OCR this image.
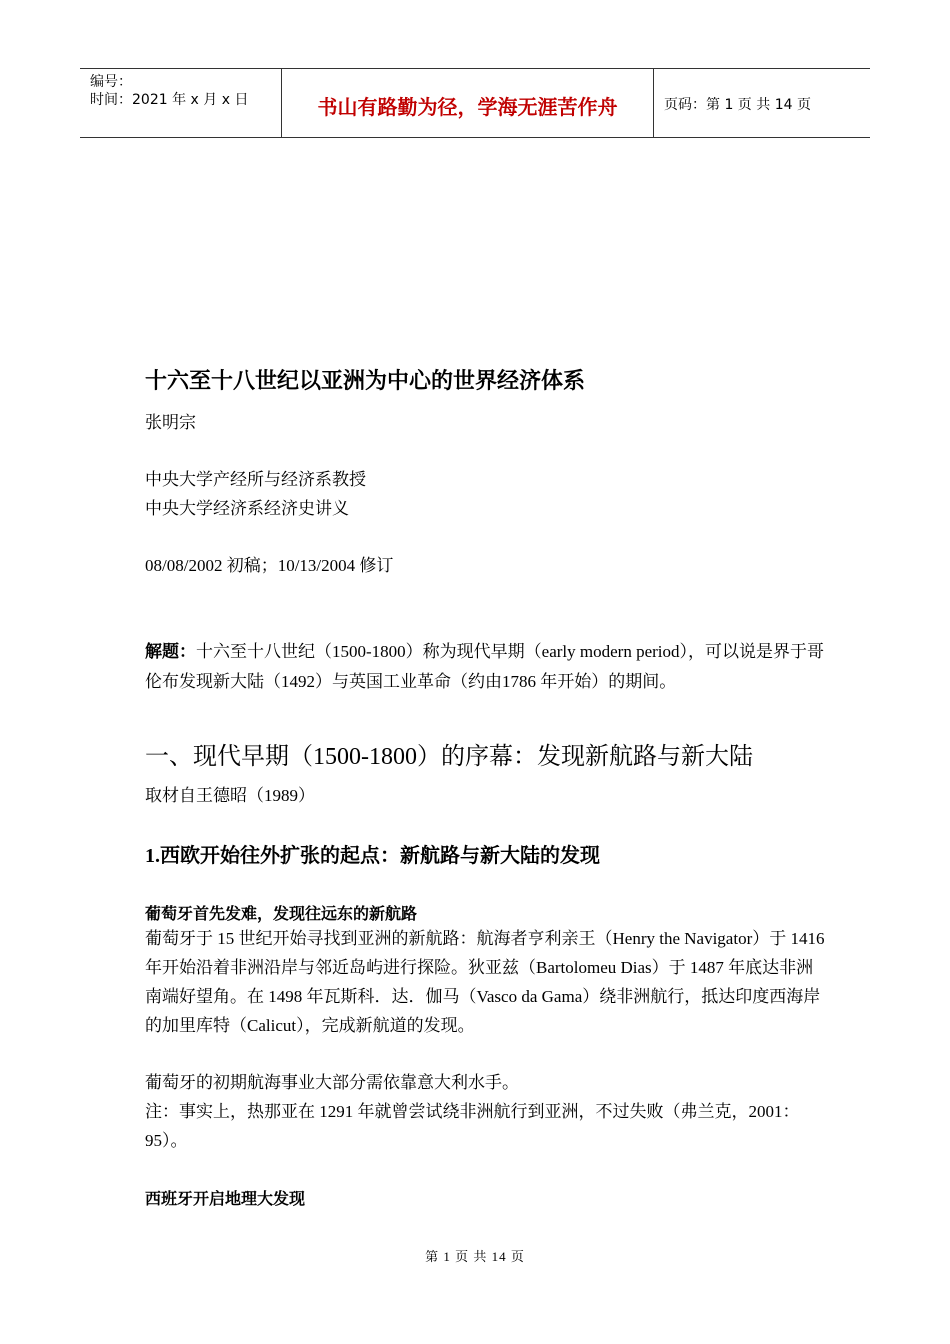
编号：
时间：2021 年 x 月 x 日	书山有路勤为径，学海无涯苦作舟	页码：第 1 页 共 14 页
十六至十八世纪以亚洲为中心的世界经济体系

张明宗

中央大学产经所与经济系教授

中央大学经济系经济史讲义

08/08/2002 初稿；10/13/2004 修订

解题：十六至十八世纪（1500-1800）称为现代早期（early modern period），可以说是界于哥伦布发现新大陆（1492）与英国工业革命（约由1786 年开始）的期间。

一、现代早期（1500-1800）的序幕：发现新航路与新大陆

取材自王德昭（1989）

1.西欧开始往外扩张的起点：新航路与新大陆的发现
葡萄牙首先发难，发现往远东的新航路

葡萄牙于 15 世纪开始寻找到亚洲的新航路：航海者亨利亲王（Henry the Navigator）于 1416 年开始沿着非洲沿岸与邻近岛屿进行探险。狄亚兹（Bartolomeu Dias）于 1487 年底达非洲南端好望角。在 1498 年瓦斯科．达．伽马（Vasco da Gama）绕非洲航行，抵达印度西海岸的加里库特（Calicut），完成新航道的发现。

葡萄牙的初期航海事业大部分需依靠意大利水手。

注：事实上，热那亚在 1291 年就曾尝试绕非洲航行到亚洲，不过失败（弗兰克，2001：95）。

西班牙开启地理大发现
第 1 页 共 14 页
